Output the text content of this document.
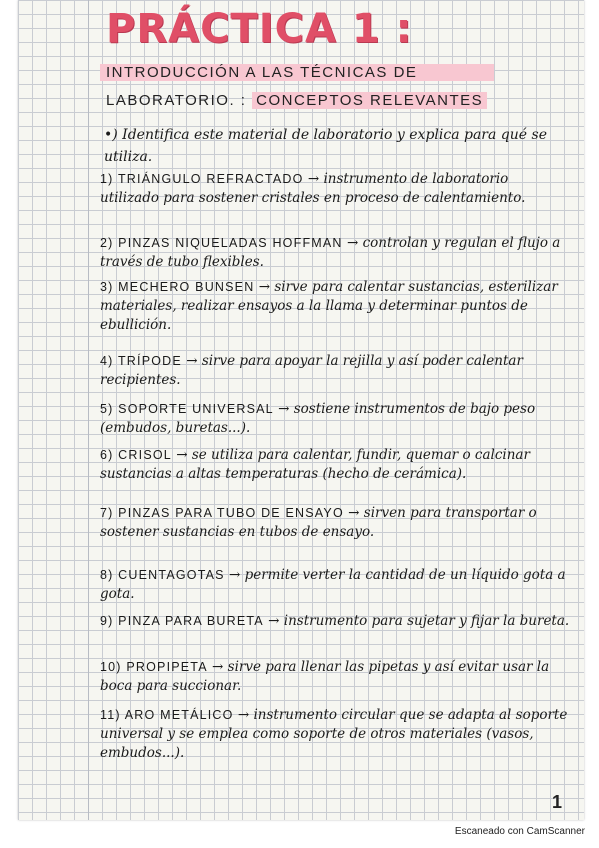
PRÁCTICA 1 :
INTRODUCCIÓN A LAS TÉCNICAS DE
LABORATORIO. : CONCEPTOS RELEVANTES
•) Identifica este material de laboratorio y explica para qué se utiliza.
1) TRIÁNGULO REFRACTADO → instrumento de laboratorio utilizado para sostener cristales en proceso de calentamiento.
2) PINZAS NIQUELADAS HOFFMAN → controlan y regulan el flujo a través de tubo flexibles.
3) MECHERO BUNSEN → sirve para calentar sustancias, esterilizar materiales, realizar ensayos a la llama y determinar puntos de ebullición.
4) TRÍPODE → sirve para apoyar la rejilla y así poder calentar recipientes.
5) SOPORTE UNIVERSAL → sostiene instrumentos de bajo peso (embudos, buretas...).
6) CRISOL → se utiliza para calentar, fundir, quemar o calcinar sustancias a altas temperaturas (hecho de cerámica).
7) PINZAS PARA TUBO DE ENSAYO → sirven para transportar o sostener sustancias en tubos de ensayo.
8) CUENTAGOTAS → permite verter la cantidad de un líquido gota a gota.
9) PINZA PARA BURETA → instrumento para sujetar y fijar la bureta.
10) PROPIPETA → sirve para llenar las pipetas y así evitar usar la boca para succionar.
11) ARO METÁLICO → instrumento circular que se adapta al soporte universal y se emplea como soporte de otros materiales (vasos, embudos...).
1
Escaneado con CamScanner
